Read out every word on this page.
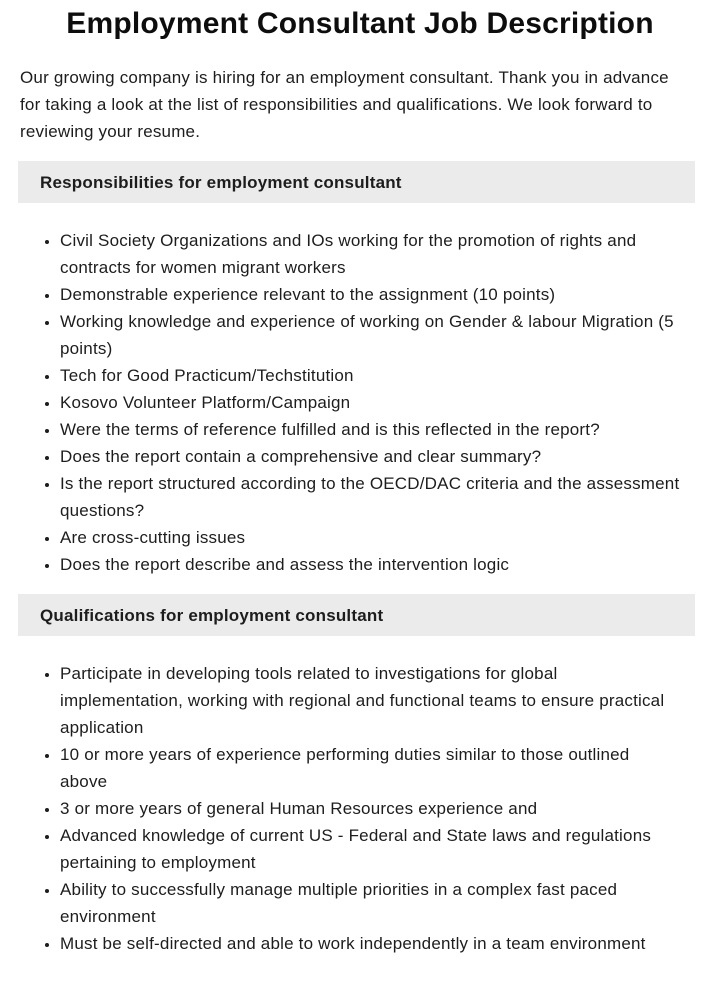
Employment Consultant Job Description

Our growing company is hiring for an employment consultant. Thank you in advance for taking a look at the list of responsibilities and qualifications. We look forward to reviewing your resume.

Responsibilities for employment consultant
• Civil Society Organizations and IOs working for the promotion of rights and contracts for women migrant workers
• Demonstrable experience relevant to the assignment (10 points)
• Working knowledge and experience of working on Gender & labour Migration (5 points)
• Tech for Good Practicum/Techstitution
• Kosovo Volunteer Platform/Campaign
• Were the terms of reference fulfilled and is this reflected in the report?
• Does the report contain a comprehensive and clear summary?
• Is the report structured according to the OECD/DAC criteria and the assessment questions?
• Are cross-cutting issues
• Does the report describe and assess the intervention logic
Qualifications for employment consultant
• Participate in developing tools related to investigations for global implementation, working with regional and functional teams to ensure practical application
• 10 or more years of experience performing duties similar to those outlined above
• 3 or more years of general Human Resources experience and
• Advanced knowledge of current US - Federal and State laws and regulations pertaining to employment
• Ability to successfully manage multiple priorities in a complex fast paced environment
• Must be self-directed and able to work independently in a team environment
